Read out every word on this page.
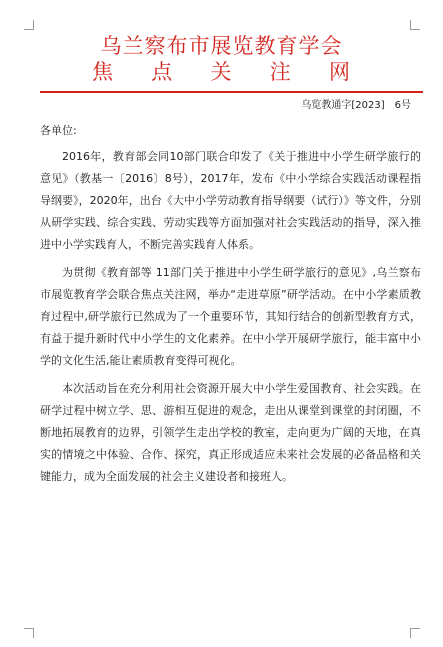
乌兰察布市展览教育学会
焦 点 关 注 网
乌览教通字[2023]　6号

各单位:

2016年，教育部会同10部门联合印发了《关于推进中小学生研学旅行的意见》（教基一〔2016〕8号），2017年，发布《中小学综合实践活动课程指导纲要》，2020年，出台《大中小学劳动教育指导纲要（试行）》等文件，分别从研学实践、综合实践、劳动实践等方面加强对社会实践活动的指导，深入推进中小学实践育人，不断完善实践育人体系。

为贯彻《教育部等 11部门关于推进中小学生研学旅行的意见》,乌兰察布市展览教育学会联合焦点关注网，举办“走进草原”研学活动。在中小学素质教育过程中,研学旅行已然成为了一个重要环节，其知行结合的创新型教育方式，有益于提升新时代中小学生的文化素养。在中小学开展研学旅行，能丰富中小学的文化生活,能让素质教育变得可视化。

本次活动旨在充分利用社会资源开展大中小学生爱国教育、社会实践。在研学过程中树立学、思、游相互促进的观念，走出从课堂到课堂的封闭圈，不断地拓展教育的边界，引领学生走出学校的教室，走向更为广阔的天地，在真实的情境之中体验、合作、探究，真正形成适应未来社会发展的必备品格和关键能力，成为全面发展的社会主义建设者和接班人。
